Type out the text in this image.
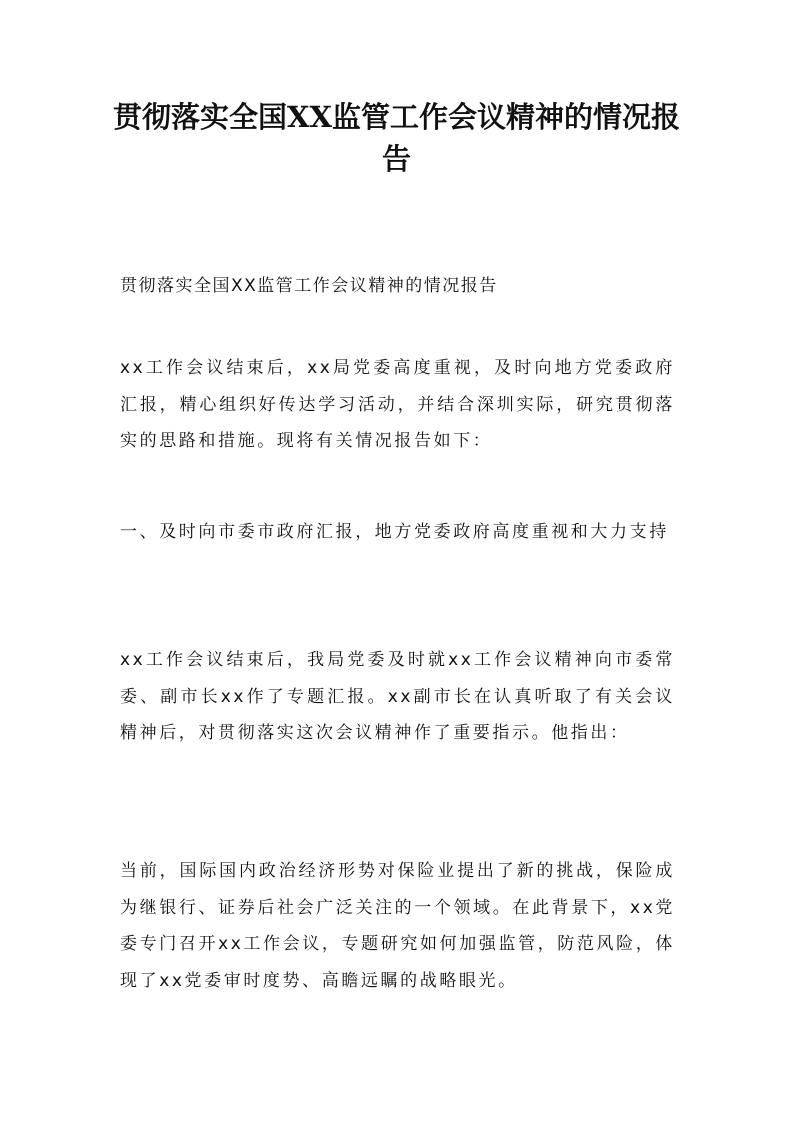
贯彻落实全国XX监管工作会议精神的情况报告

贯彻落实全国XX监管工作会议精神的情况报告

xx工作会议结束后，xx局党委高度重视，及时向地方党委政府汇报，精心组织好传达学习活动，并结合深圳实际，研究贯彻落实的思路和措施。现将有关情况报告如下：

一、及时向市委市政府汇报，地方党委政府高度重视和大力支持

xx工作会议结束后，我局党委及时就xx工作会议精神向市委常委、副市长xx作了专题汇报。xx副市长在认真听取了有关会议精神后，对贯彻落实这次会议精神作了重要指示。他指出：

当前，国际国内政治经济形势对保险业提出了新的挑战，保险成为继银行、证券后社会广泛关注的一个领域。在此背景下，xx党委专门召开xx工作会议，专题研究如何加强监管，防范风险，体现了xx党委审时度势、高瞻远瞩的战略眼光。
